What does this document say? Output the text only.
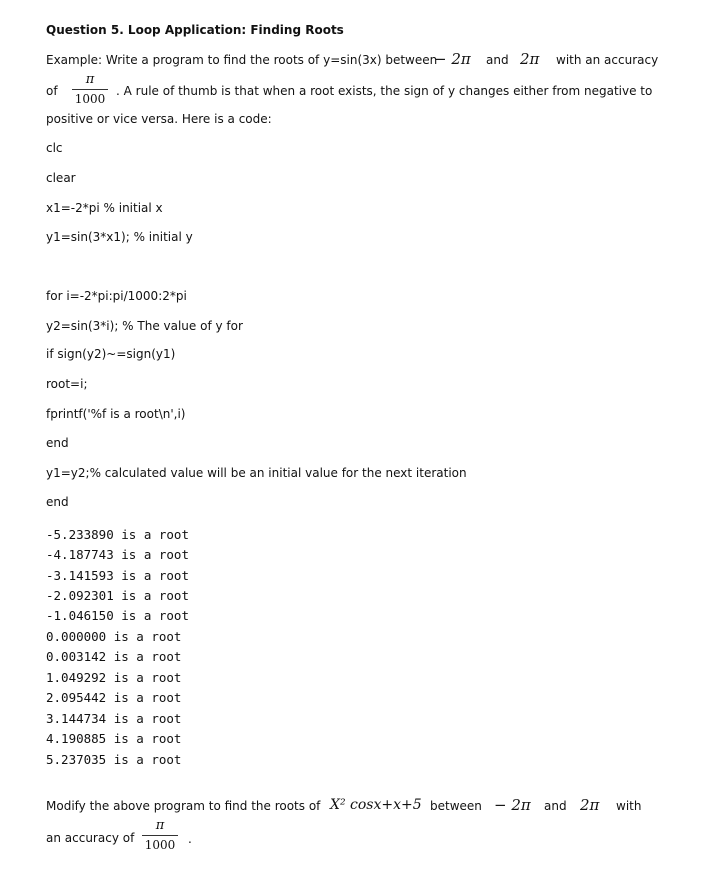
Question 5. Loop Application: Finding Roots
Example: Write a program to find the roots of y=sin(3x) between
− 2π and 2π with an accuracy
of
π
1000
. A rule of thumb is that when a root exists, the sign of y changes either from negative to
positive or vice versa. Here is a code:
clc
clear
x1=-2*pi % initial x
y1=sin(3*x1); % initial y
for i=-2*pi:pi/1000:2*pi
y2=sin(3*i); % The value of y for
if sign(y2)~=sign(y1)
root=i;
fprintf('%f is a root\n',i)
end
y1=y2;% calculated value will be an initial value for the next iteration
end
-5.233890 is a root
-4.187743 is a root
-3.141593 is a root
-2.092301 is a root
-1.046150 is a root
0.000000 is a root
0.003142 is a root
1.049292 is a root
2.095442 is a root
3.144734 is a root
4.190885 is a root
5.237035 is a root
Modify the above program to find the roots of X² cosx+x+5 between − 2π and 2π with
an accuracy of
π
1000 .
